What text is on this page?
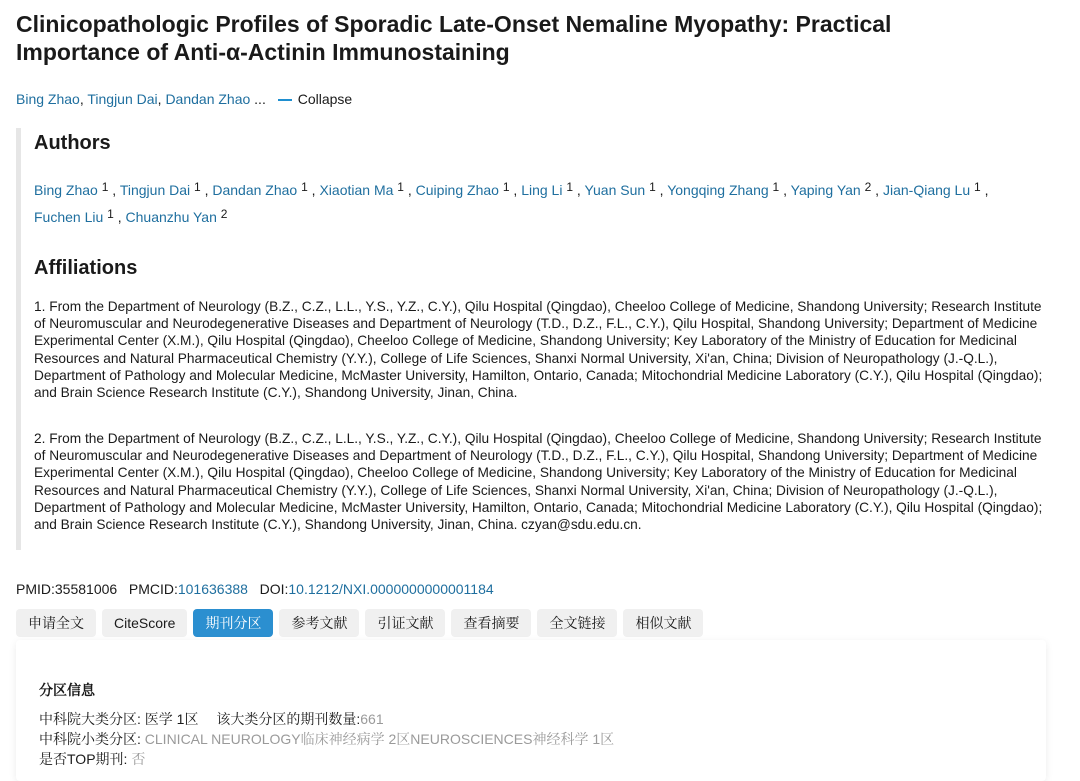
Clinicopathologic Profiles of Sporadic Late-Onset Nemaline Myopathy: Practical Importance of Anti-α-Actinin Immunostaining
Bing Zhao, Tingjun Dai, Dandan Zhao ... Collapse
Authors
Bing Zhao $^1$ , Tingjun Dai $^1$ , Dandan Zhao $^1$ , Xiaotian Ma $^1$ , Cuiping Zhao $^1$ , Ling Li $^1$ , Yuan Sun $^1$ , Yongqing Zhang $^1$ , Yaping Yan $^2$ , Jian-Qiang Lu $^1$ , Fuchen Liu $^1$ , Chuanzhu Yan $^2$
Affiliations
1. From the Department of Neurology (B.Z., C.Z., L.L., Y.S., Y.Z., C.Y.), Qilu Hospital (Qingdao), Cheeloo College of Medicine, Shandong University; Research Institute of Neuromuscular and Neurodegenerative Diseases and Department of Neurology (T.D., D.Z., F.L., C.Y.), Qilu Hospital, Shandong University; Department of Medicine Experimental Center (X.M.), Qilu Hospital (Qingdao), Cheeloo College of Medicine, Shandong University; Key Laboratory of the Ministry of Education for Medicinal Resources and Natural Pharmaceutical Chemistry (Y.Y.), College of Life Sciences, Shanxi Normal University, Xi'an, China; Division of Neuropathology (J.-Q.L.), Department of Pathology and Molecular Medicine, McMaster University, Hamilton, Ontario, Canada; Mitochondrial Medicine Laboratory (C.Y.), Qilu Hospital (Qingdao); and Brain Science Research Institute (C.Y.), Shandong University, Jinan, China.
2. From the Department of Neurology (B.Z., C.Z., L.L., Y.S., Y.Z., C.Y.), Qilu Hospital (Qingdao), Cheeloo College of Medicine, Shandong University; Research Institute of Neuromuscular and Neurodegenerative Diseases and Department of Neurology (T.D., D.Z., F.L., C.Y.), Qilu Hospital, Shandong University; Department of Medicine Experimental Center (X.M.), Qilu Hospital (Qingdao), Cheeloo College of Medicine, Shandong University; Key Laboratory of the Ministry of Education for Medicinal Resources and Natural Pharmaceutical Chemistry (Y.Y.), College of Life Sciences, Shanxi Normal University, Xi'an, China; Division of Neuropathology (J.-Q.L.), Department of Pathology and Molecular Medicine, McMaster University, Hamilton, Ontario, Canada; Mitochondrial Medicine Laboratory (C.Y.), Qilu Hospital (Qingdao); and Brain Science Research Institute (C.Y.), Shandong University, Jinan, China. czyan@sdu.edu.cn.
PMID:35581006 PMCID:101636388 DOI:10.1212/NXI.0000000000001184
申请全文	CiteScore	期刊分区	参考文献	引证文献	查看摘要	全文链接	相似文献
分区信息
中科院大类分区: 医学 1区 该大类分区的期刊数量:661
中科院小类分区: CLINICAL NEUROLOGY临床神经病学 2区NEUROSCIENCES神经科学 1区
是否TOP期刊: 否
